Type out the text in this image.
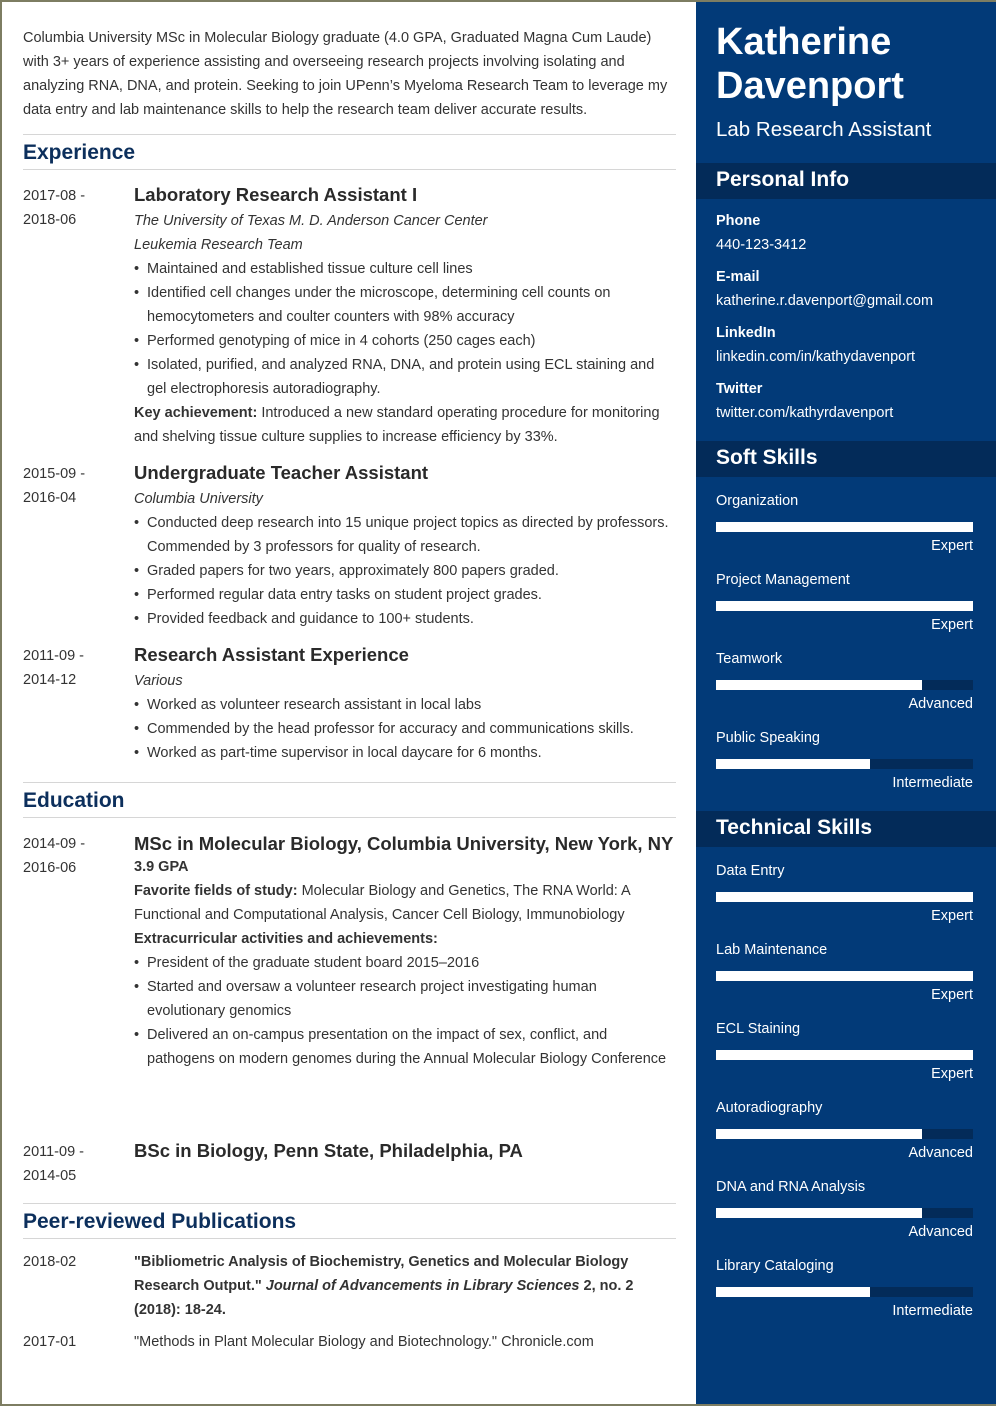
Columbia University MSc in Molecular Biology graduate (4.0 GPA, Graduated Magna Cum Laude) with 3+ years of experience assisting and overseeing research projects involving isolating and analyzing RNA, DNA, and protein. Seeking to join UPenn’s Myeloma Research Team to leverage my data entry and lab maintenance skills to help the research team deliver accurate results.
Experience
2017-08 -
2018-06
Laboratory Research Assistant I
The University of Texas M. D. Anderson Cancer Center
Leukemia Research Team
• Maintained and established tissue culture cell lines
• Identified cell changes under the microscope, determining cell counts on hemocytometers and coulter counters with 98% accuracy
• Performed genotyping of mice in 4 cohorts (250 cages each)
• Isolated, purified, and analyzed RNA, DNA, and protein using ECL staining and gel electrophoresis autoradiography.
Key achievement: Introduced a new standard operating procedure for monitoring and shelving tissue culture supplies to increase efficiency by 33%.
2015-09 -
2016-04
Undergraduate Teacher Assistant
Columbia University
• Conducted deep research into 15 unique project topics as directed by professors. Commended by 3 professors for quality of research.
• Graded papers for two years, approximately 800 papers graded.
• Performed regular data entry tasks on student project grades.
• Provided feedback and guidance to 100+ students.
2011-09 -
2014-12
Research Assistant Experience
Various
• Worked as volunteer research assistant in local labs
• Commended by the head professor for accuracy and communications skills.
• Worked as part-time supervisor in local daycare for 6 months.
Education
2014-09 -
2016-06
MSc in Molecular Biology, Columbia University, New York, NY
3.9 GPA
Favorite fields of study: Molecular Biology and Genetics, The RNA World: A Functional and Computational Analysis, Cancer Cell Biology, Immunobiology
Extracurricular activities and achievements:
• President of the graduate student board 2015–2016
• Started and oversaw a volunteer research project investigating human evolutionary genomics
• Delivered an on-campus presentation on the impact of sex, conflict, and pathogens on modern genomes during the Annual Molecular Biology Conference
2011-09 -
2014-05
BSc in Biology, Penn State, Philadelphia, PA
Peer-reviewed Publications
2018-02	"Bibliometric Analysis of Biochemistry, Genetics and Molecular Biology Research Output." Journal of Advancements in Library Sciences 2, no. 2 (2018): 18-24.
2017-01	"Methods in Plant Molecular Biology and Biotechnology." Chronicle.com
Katherine
Davenport
Lab Research Assistant
Personal Info
Phone
440-123-3412
E-mail
katherine.r.davenport@gmail.com
LinkedIn
linkedin.com/in/kathydavenport
Twitter
twitter.com/kathyrdavenport
Soft Skills
Organization
Expert
Project Management
Expert
Teamwork
Advanced
Public Speaking
Intermediate
Technical Skills
Data Entry
Expert
Lab Maintenance
Expert
ECL Staining
Expert
Autoradiography
Advanced
DNA and RNA Analysis
Advanced
Library Cataloging
Intermediate
